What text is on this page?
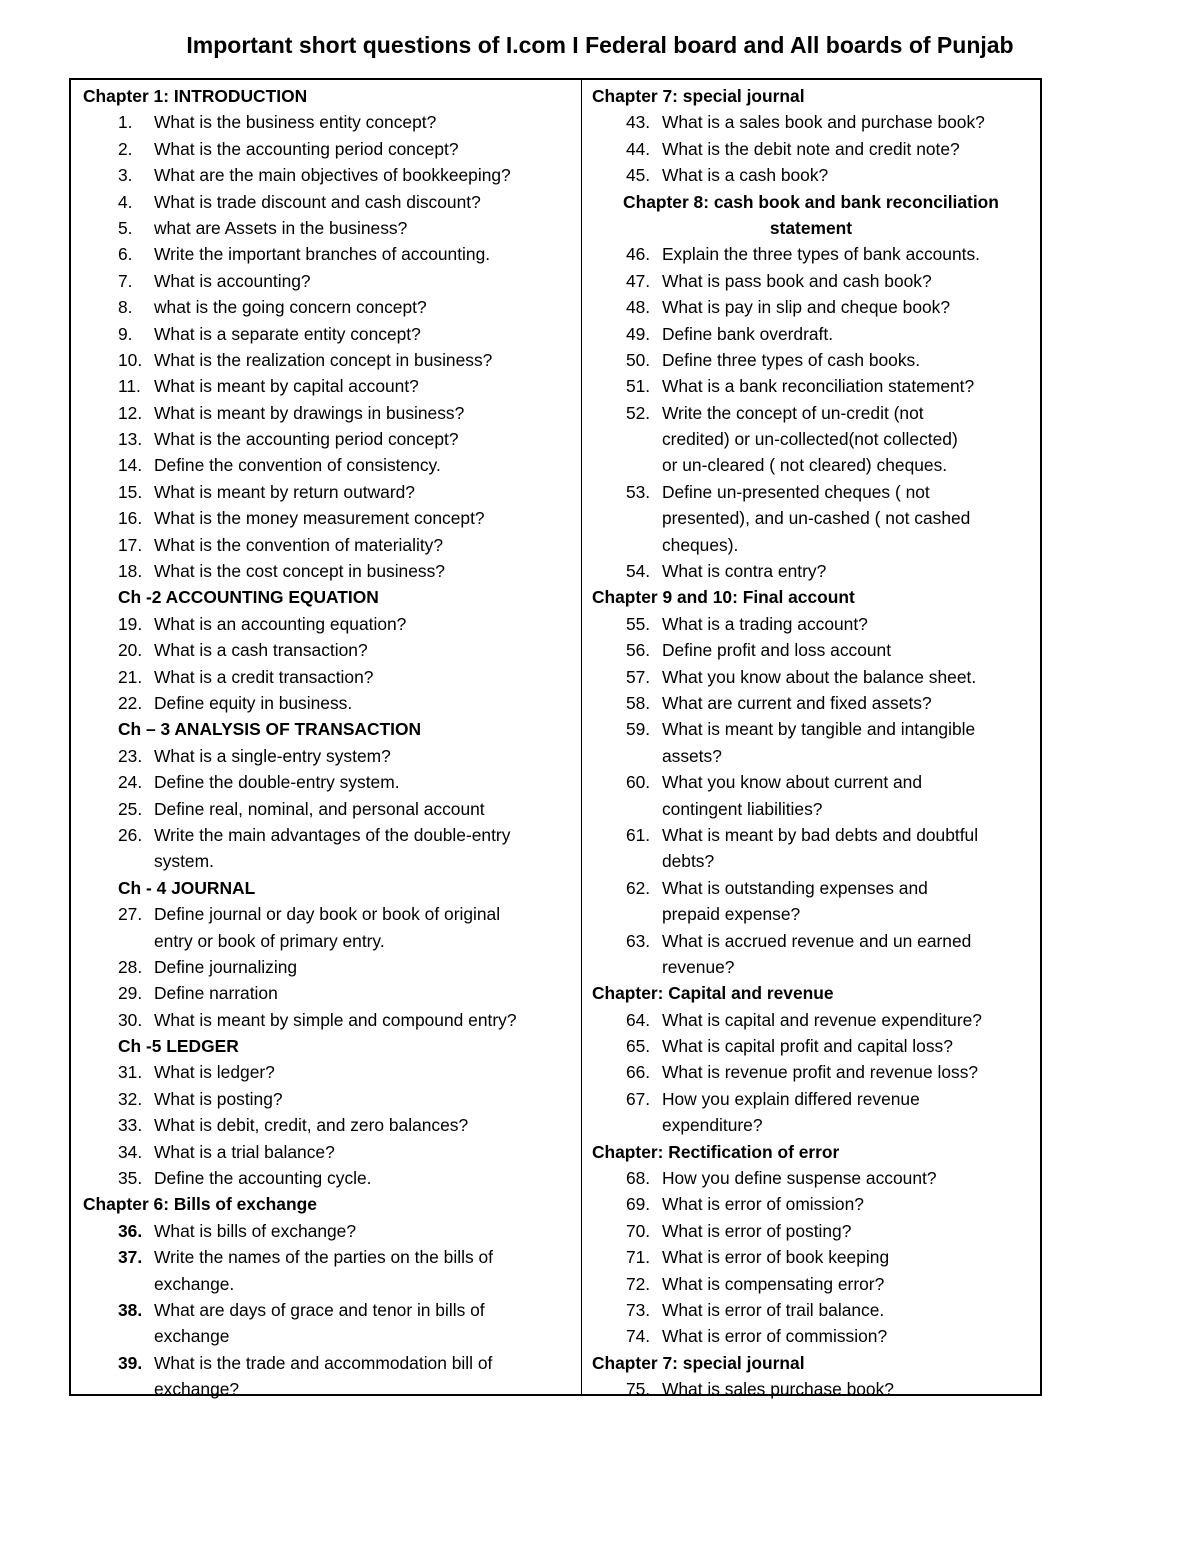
Important short questions of I.com I Federal board and All boards of Punjab
Chapter 1: INTRODUCTION
1. What is the business entity concept?
2. What is the accounting period concept?
3. What are the main objectives of bookkeeping?
4. What is trade discount and cash discount?
5. what are Assets in the business?
6. Write the important branches of accounting.
7. What is accounting?
8. what is the going concern concept?
9. What is a separate entity concept?
10. What is the realization concept in business?
11. What is meant by capital account?
12. What is meant by drawings in business?
13. What is the accounting period concept?
14. Define the convention of consistency.
15. What is meant by return outward?
16. What is the money measurement concept?
17. What is the convention of materiality?
18. What is the cost concept in business?
Ch -2 ACCOUNTING EQUATION
19. What is an accounting equation?
20. What is a cash transaction?
21. What is a credit transaction?
22. Define equity in business.
Ch – 3 ANALYSIS OF TRANSACTION
23. What is a single-entry system?
24. Define the double-entry system.
25. Define real, nominal, and personal account
26. Write the main advantages of the double-entry
system.
Ch - 4 JOURNAL
27. Define journal or day book or book of original
entry or book of primary entry.
28. Define journalizing
29. Define narration
30. What is meant by simple and compound entry?
Ch -5 LEDGER
31. What is ledger?
32. What is posting?
33. What is debit, credit, and zero balances?
34. What is a trial balance?
35. Define the accounting cycle.
Chapter 6: Bills of exchange
36. What is bills of exchange?
37. Write the names of the parties on the bills of
exchange.
38. What are days of grace and tenor in bills of
exchange
39. What is the trade and accommodation bill of
exchange?
Chapter 7: special journal
43. What is a sales book and purchase book?
44. What is the debit note and credit note?
45. What is a cash book?
Chapter 8: cash book and bank reconciliation
statement
46. Explain the three types of bank accounts.
47. What is pass book and cash book?
48. What is pay in slip and cheque book?
49. Define bank overdraft.
50. Define three types of cash books.
51. What is a bank reconciliation statement?
52. Write the concept of un-credit (not
credited) or un-collected(not collected)
or un-cleared ( not cleared) cheques.
53. Define un-presented cheques ( not
presented), and un-cashed ( not cashed
cheques).
54. What is contra entry?
Chapter 9 and 10: Final account
55. What is a trading account?
56. Define profit and loss account
57. What you know about the balance sheet.
58. What are current and fixed assets?
59. What is meant by tangible and intangible
assets?
60. What you know about current and
contingent liabilities?
61. What is meant by bad debts and doubtful
debts?
62. What is outstanding expenses and
prepaid expense?
63. What is accrued revenue and un earned
revenue?
Chapter: Capital and revenue
64. What is capital and revenue expenditure?
65. What is capital profit and capital loss?
66. What is revenue profit and revenue loss?
67. How you explain differed revenue
expenditure?
Chapter: Rectification of error
68. How you define suspense account?
69. What is error of omission?
70. What is error of posting?
71. What is error of book keeping
72. What is compensating error?
73. What is error of trail balance.
74. What is error of commission?
Chapter 7: special journal
75. What is sales purchase book?
